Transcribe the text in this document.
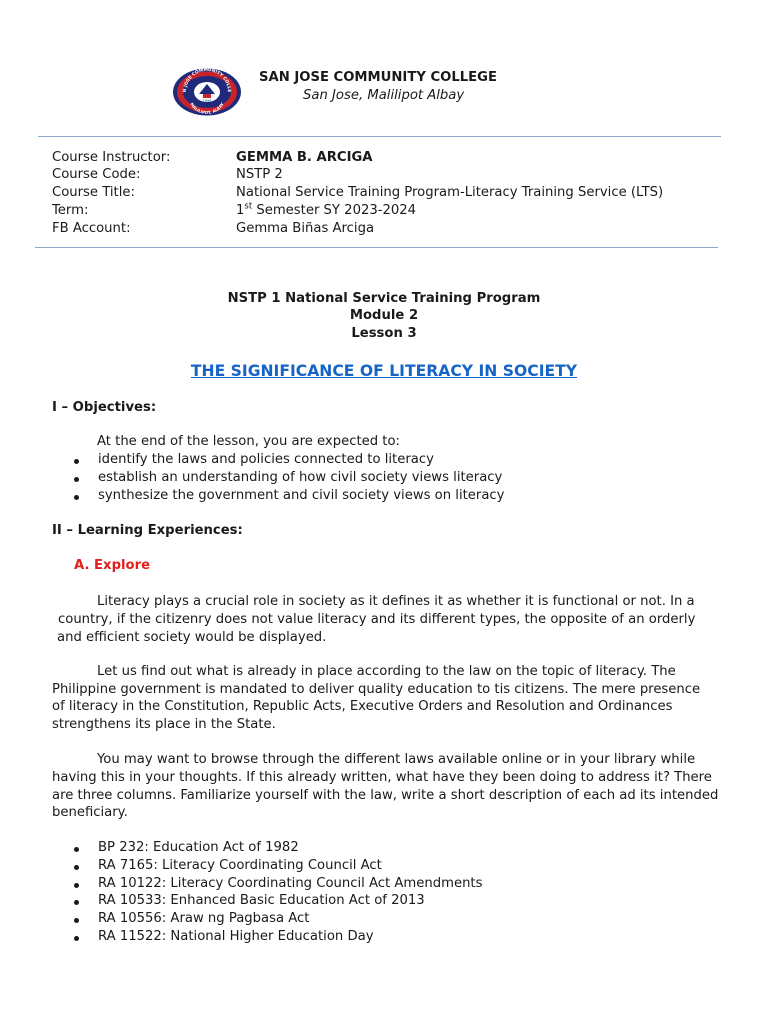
N JOSE COMMUNITY COLLE
MALILIPOT, ALBAY
1995
SAN JOSE COMMUNITY COLLEGE
San Jose, Malilipot Albay
Course Instructor:	GEMMA B. ARCIGA
Course Code:	NSTP 2
Course Title:	National Service Training Program-Literacy Training Service (LTS)
Term:	1st Semester SY 2023-2024
FB Account:	Gemma Biñas Arciga
NSTP 1 National Service Training Program
Module 2
Lesson 3
THE SIGNIFICANCE OF LITERACY IN SOCIETY
I – Objectives:
At the end of the lesson, you are expected to:
identify the laws and policies connected to literacy
establish an understanding of how civil society views literacy
synthesize the government and civil society views on literacy
II – Learning Experiences:
A. Explore
Literacy plays a crucial role in society as it defines it as whether it is functional or not. In a
country, if the citizenry does not value literacy and its different types, the opposite of an orderly
and efficient society would be displayed.
Let us find out what is already in place according to the law on the topic of literacy. The
Philippine government is mandated to deliver quality education to tis citizens. The mere presence
of literacy in the Constitution, Republic Acts, Executive Orders and Resolution and Ordinances
strengthens its place in the State.
You may want to browse through the different laws available online or in your library while
having this in your thoughts. If this already written, what have they been doing to address it? There
are three columns. Familiarize yourself with the law, write a short description of each ad its intended
beneficiary.
BP 232: Education Act of 1982
RA 7165: Literacy Coordinating Council Act
RA 10122: Literacy Coordinating Council Act Amendments
RA 10533: Enhanced Basic Education Act of 2013
RA 10556: Araw ng Pagbasa Act
RA 11522: National Higher Education Day
